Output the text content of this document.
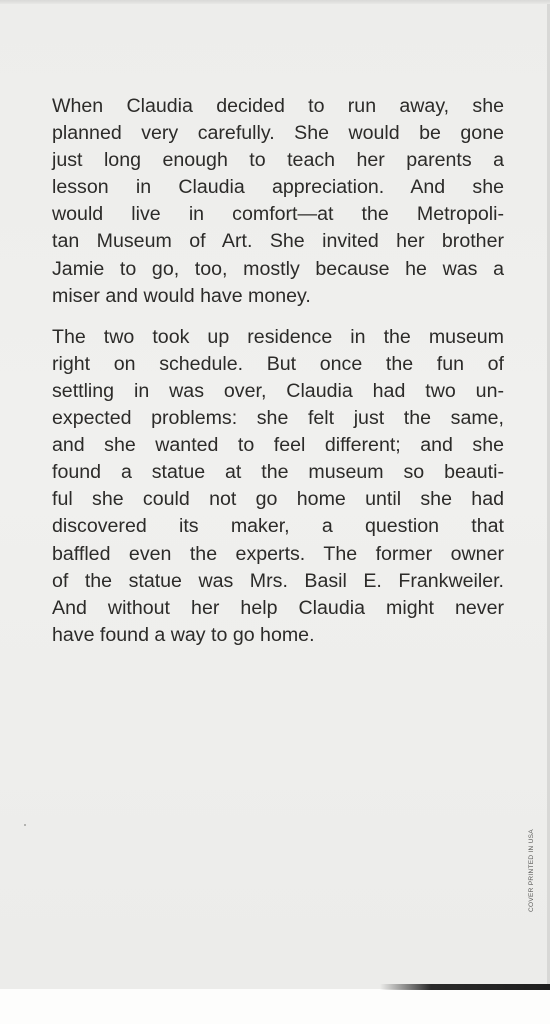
When Claudia decided to run away, she
planned very carefully. She would be gone
just long enough to teach her parents a
lesson in Claudia appreciation. And she
would live in comfort—at the Metropoli-
tan Museum of Art. She invited her brother
Jamie to go, too, mostly because he was a
miser and would have money.
The two took up residence in the museum
right on schedule. But once the fun of
settling in was over, Claudia had two un-
expected problems: she felt just the same,
and she wanted to feel different; and she
found a statue at the museum so beauti-
ful she could not go home until she had
discovered its maker, a question that
baffled even the experts. The former owner
of the statue was Mrs. Basil E. Frankweiler.
And without her help Claudia might never
have found a way to go home.
COVER PRINTED IN USA
